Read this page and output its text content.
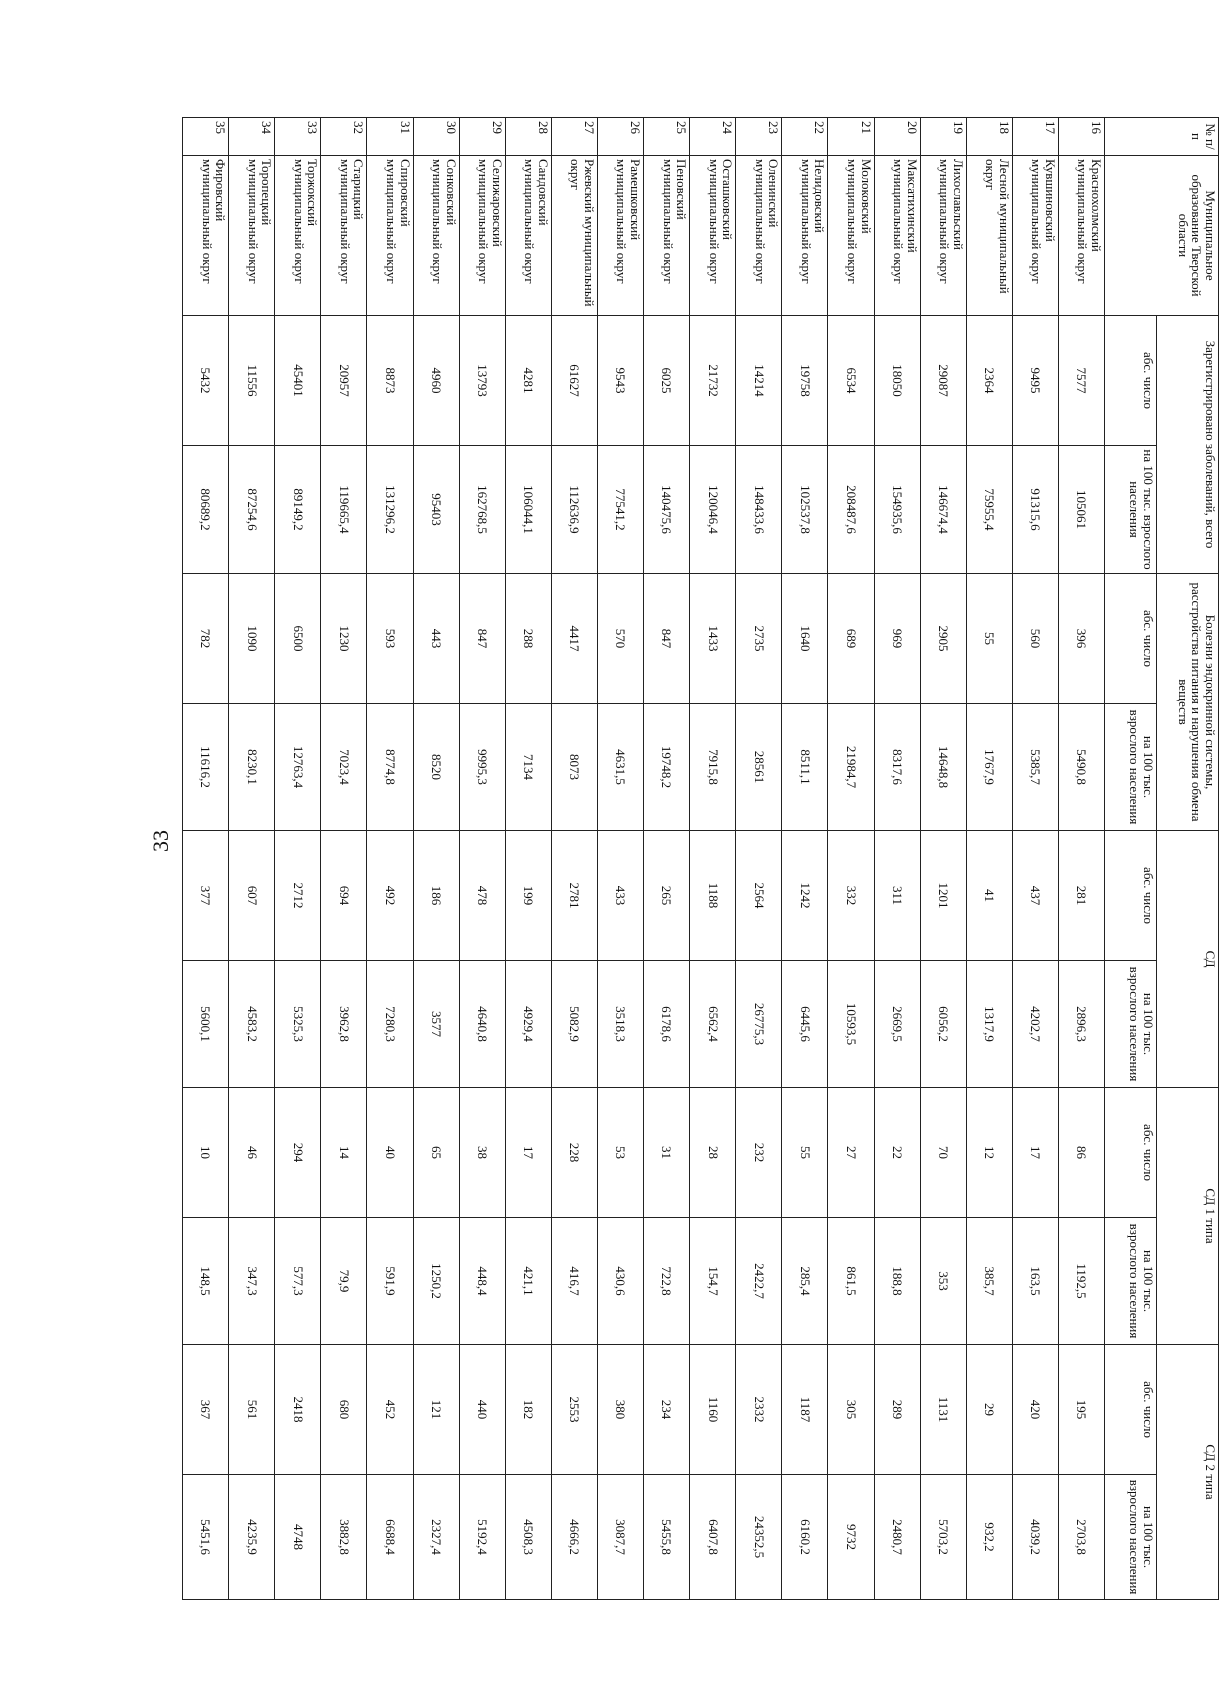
33
№ п/п	Муниципальное образование Тверской области	Зарегистрировано заболеваний, всего		Болезни эндокринной системы, расстройства питания и нарушения обмена веществ		СД		СД 1 типа		СД 2 типа	
		абс. число	на 100 тыс. взрослого населения	абс. число	на 100 тыс. взрослого населения	абс. число	на 100 тыс. взрослого населения	абс. число	на 100 тыс. взрослого населения	абс. число	на 100 тыс. взрослого населения
16	Краснохолмский муниципальный округ	7577	105061	396	5490,8	281	2896,3	86	1192,5	195	2703,8
17	Кувшиновский муниципальный округ	9495	91315,6	560	5385,7	437	4202,7	17	163,5	420	4039,2
18	Лесной муниципальный округ	2364	75955,4	55	1767,9	41	1317,9	12	385,7	29	932,2
19	Лихославльский муниципальный округ	29087	146674,4	2905	14648,8	1201	6056,2	70	353	1131	5703,2
20	Максатихинский муниципальный округ	18050	154935,6	969	8317,6	311	2669,5	22	188,8	289	2480,7
21	Молоковский муниципальный округ	6534	208487,6	689	21984,7	332	10593,5	27	861,5	305	9732
22	Нелидовский муниципальный округ	19758	102537,8	1640	8511,1	1242	6445,6	55	285,4	1187	6160,2
23	Оленинский муниципальный округ	14214	148433,6	2735	28561	2564	26775,3	232	2422,7	2332	24352,5
24	Осташковский муниципальный округ	21732	120046,4	1433	7915,8	1188	6562,4	28	154,7	1160	6407,8
25	Пеновский муниципальный округ	6025	140475,6	847	19748,2	265	6178,6	31	722,8	234	5455,8
26	Рамешковский муниципальный округ	9543	77541,2	570	4631,5	433	3518,3	53	430,6	380	3087,7
27	Ржевский муниципальный округ	61627	112636,9	4417	8073	2781	5082,9	228	416,7	2553	4666,2
28	Сандовский муниципальный округ	4281	106044,1	288	7134	199	4929,4	17	421,1	182	4508,3
29	Селижаровский муниципальный округ	13793	162768,5	847	9995,3	478	4640,8	38	448,4	440	5192,4
30	Сонковский муниципальный округ	4960	95403	443	8520	186	3577	65	1250,2	121	2327,4
31	Спировский муниципальный округ	8873	131296,2	593	8774,8	492	7280,3	40	591,9	452	6688,4
32	Старицкий муниципальный округ	20957	119665,4	1230	7023,4	694	3962,8	14	79,9	680	3882,8
33	Торжокский муниципальный округ	45401	89149,2	6500	12763,4	2712	5325,3	294	577,3	2418	4748
34	Торопецкий муниципальный округ	11556	87254,6	1090	8230,1	607	4583,2	46	347,3	561	4235,9
35	Фировский муниципальный округ	5432	80689,2	782	11616,2	377	5600,1	10	148,5	367	5451,6
